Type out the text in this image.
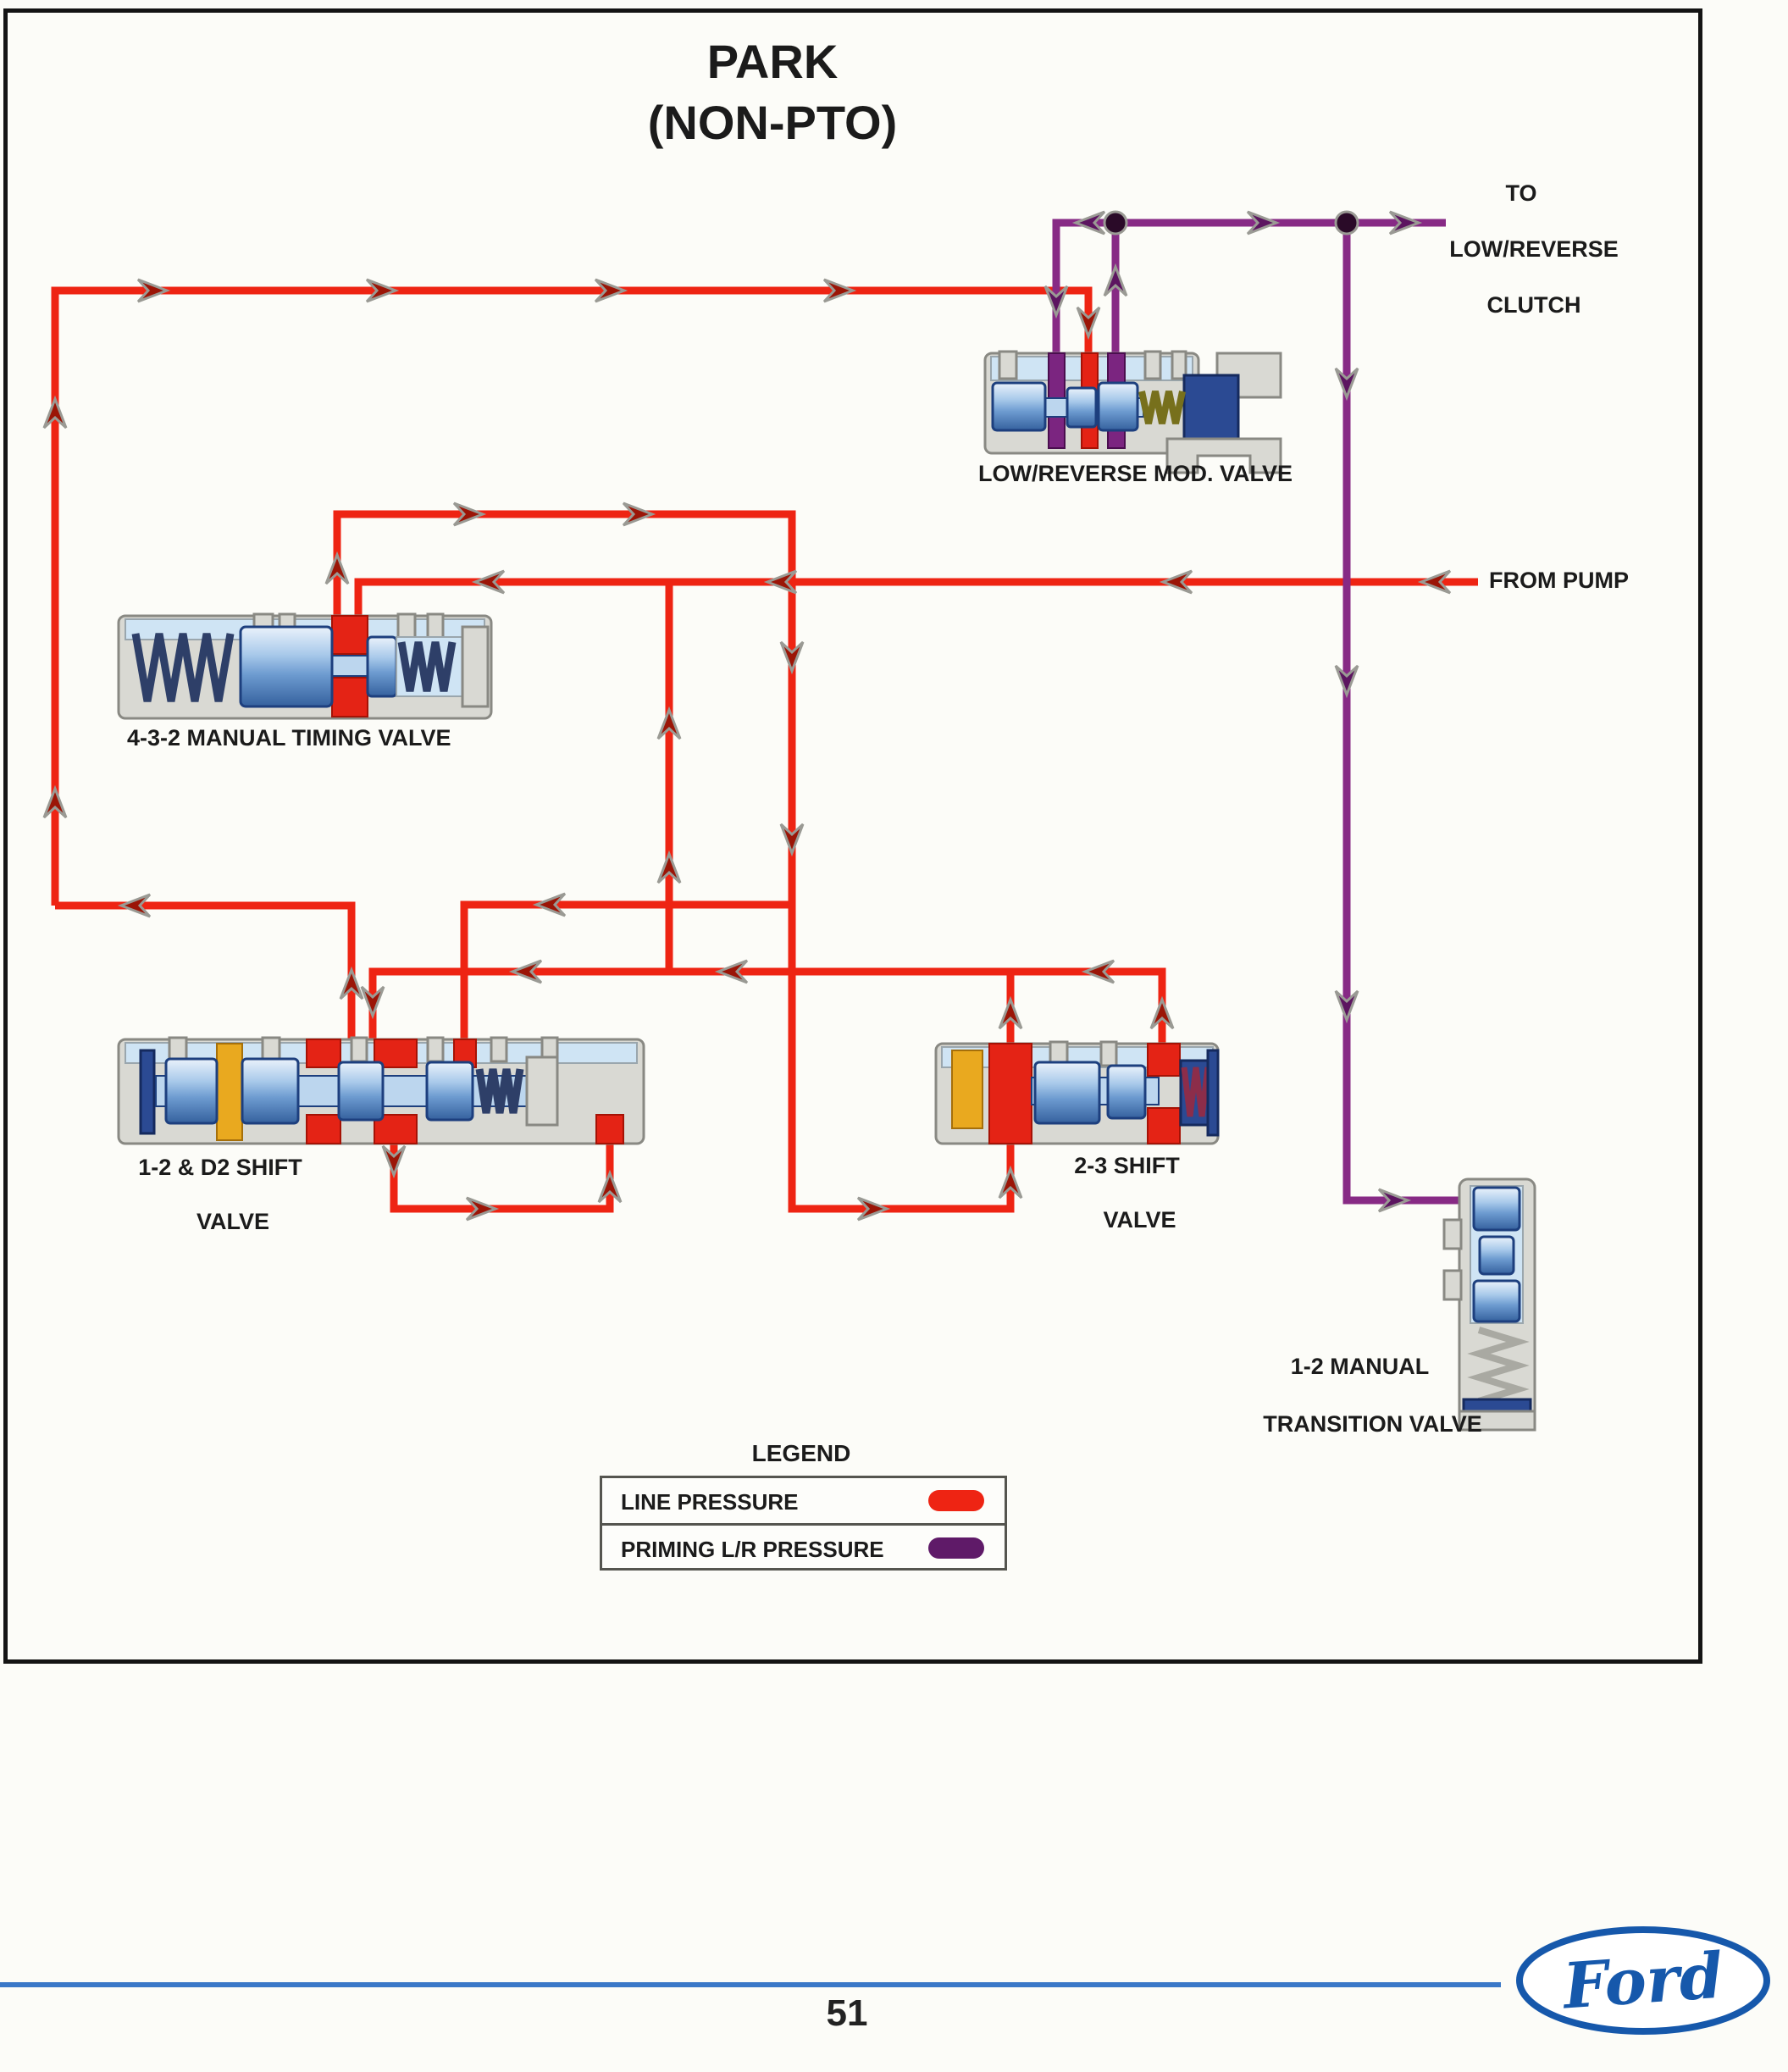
PARK
(NON-PTO)
TO

LOW/REVERSE

CLUTCH
FROM PUMP
LOW/REVERSE MOD. VALVE
4-3-2 MANUAL TIMING VALVE
1-2 & D2 SHIFT

VALVE
2-3 SHIFT

VALVE
1-2 MANUAL

TRANSITION VALVE
LEGEND
LINE PRESSURE
PRIMING L/R PRESSURE
51	Ford
